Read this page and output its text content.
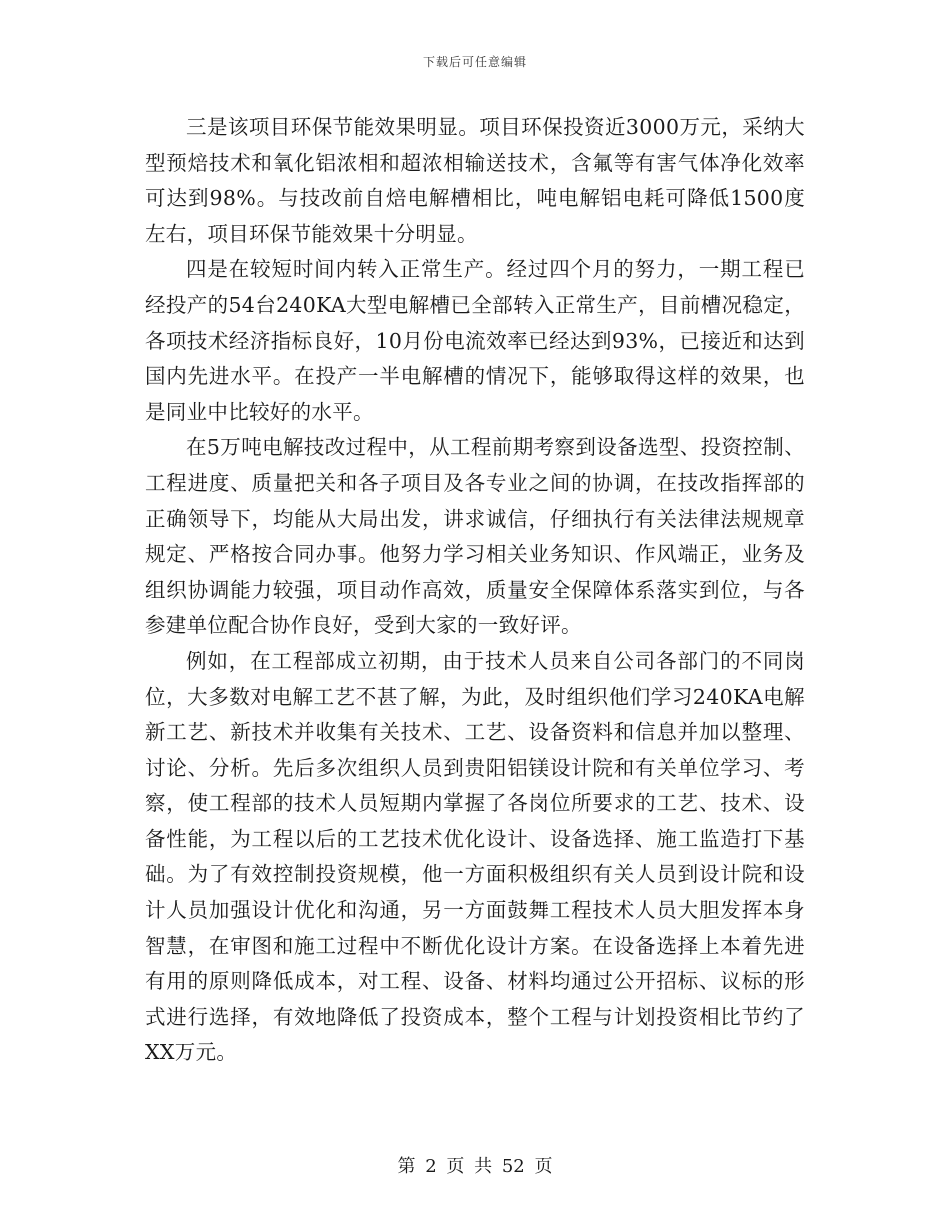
下载后可任意编辑

三是该项目环保节能效果明显。项目环保投资近3000万元，采纳大型预焙技术和氧化铝浓相和超浓相输送技术，含氟等有害气体净化效率可达到98%。与技改前自焙电解槽相比，吨电解铝电耗可降低1500度左右，项目环保节能效果十分明显。

四是在较短时间内转入正常生产。经过四个月的努力，一期工程已经投产的54台240KA大型电解槽已全部转入正常生产，目前槽况稳定，各项技术经济指标良好，10月份电流效率已经达到93%，已接近和达到国内先进水平。在投产一半电解槽的情况下，能够取得这样的效果，也是同业中比较好的水平。

在5万吨电解技改过程中，从工程前期考察到设备选型、投资控制、工程进度、质量把关和各子项目及各专业之间的协调，在技改指挥部的正确领导下，均能从大局出发，讲求诚信，仔细执行有关法律法规规章规定、严格按合同办事。他努力学习相关业务知识、作风端正，业务及组织协调能力较强，项目动作高效，质量安全保障体系落实到位，与各参建单位配合协作良好，受到大家的一致好评。

例如，在工程部成立初期，由于技术人员来自公司各部门的不同岗位，大多数对电解工艺不甚了解，为此，及时组织他们学习240KA电解新工艺、新技术并收集有关技术、工艺、设备资料和信息并加以整理、讨论、分析。先后多次组织人员到贵阳铝镁设计院和有关单位学习、考察，使工程部的技术人员短期内掌握了各岗位所要求的工艺、技术、设备性能，为工程以后的工艺技术优化设计、设备选择、施工监造打下基础。为了有效控制投资规模，他一方面积极组织有关人员到设计院和设计人员加强设计优化和沟通，另一方面鼓舞工程技术人员大胆发挥本身智慧，在审图和施工过程中不断优化设计方案。在设备选择上本着先进有用的原则降低成本，对工程、设备、材料均通过公开招标、议标的形式进行选择，有效地降低了投资成本，整个工程与计划投资相比节约了XX万元。

第 2 页 共 52 页
